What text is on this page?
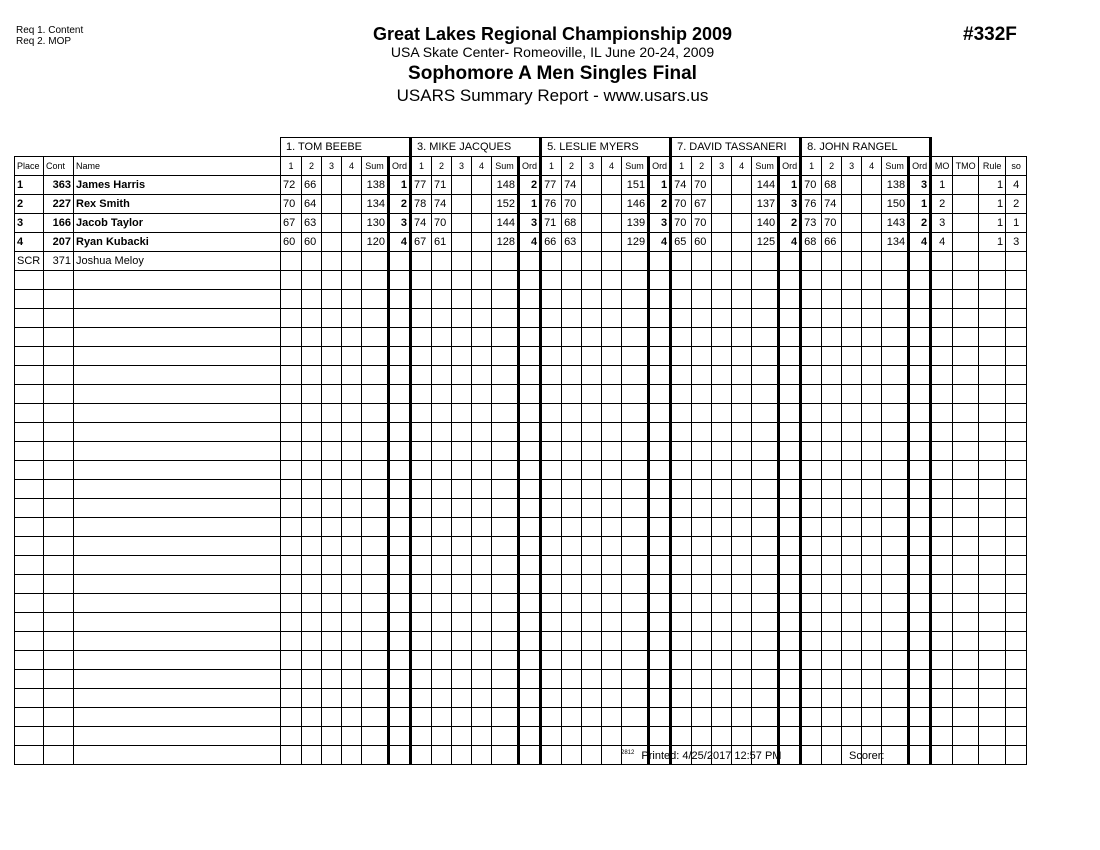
Req 1. Content
Req 2. MOP	Great Lakes Regional Championship 2009
USA Skate Center- Romeoville, IL June 20-24, 2009
Sophomore A Men Singles Final
USARS Summary Report - www.usars.us
#332F
			1. TOM BEEBE						3. MIKE JACQUES						5. LESLIE MYERS						7. DAVID TASSANERI						8. JOHN RANGEL									
Place	Cont	Name	1	2	3	4	Sum	Ord	1	2	3	4	Sum	Ord	1	2	3	4	Sum	Ord	1	2	3	4	Sum	Ord	1	2	3	4	Sum	Ord	MO	TMO	Rule	so
1	363	James Harris	72	66			138	1	77	71			148	2	77	74			151	1	74	70			144	1	70	68			138	3	1		1	4
2	227	Rex Smith	70	64			134	2	78	74			152	1	76	70			146	2	70	67			137	3	76	74			150	1	2		1	2
3	166	Jacob Taylor	67	63			130	3	74	70			144	3	71	68			139	3	70	70			140	2	73	70			143	2	3		1	1
4	207	Ryan Kubacki	60	60			120	4	67	61			128	4	66	63			129	4	65	60			125	4	68	66			134	4	4		1	3
SCR	371	Joshua Meloy																																		

$^{2812}$ Printed: 4/25/2017 12:57 PM	Scorer:
